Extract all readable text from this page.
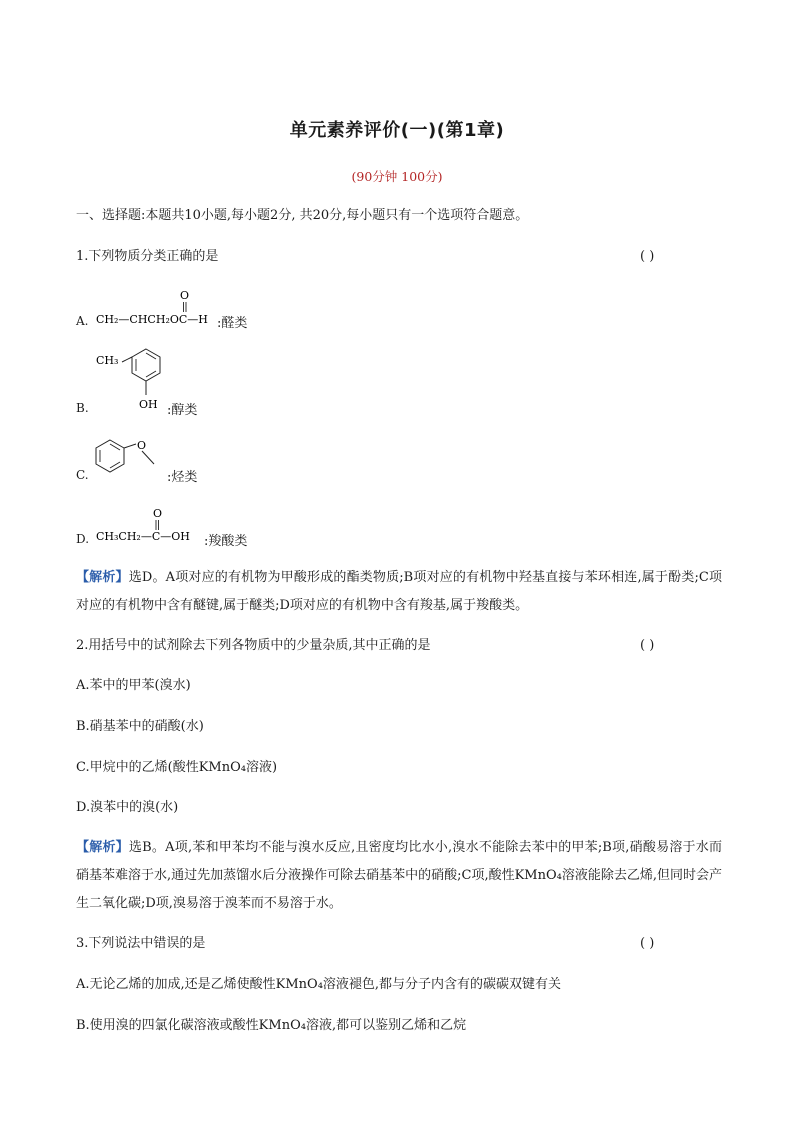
单元素养评价(一)(第1章)
(90分钟 100分)
一、选择题:本题共10小题,每小题2分, 共20分,每小题只有一个选项符合题意。
1.下列物质分类正确的是	( )
A.
O
CH₂—CHCH₂OC—H :醛类
B.
CH₃
OH :醇类
C.
O
:烃类
D.
O
CH₃CH₂—C—OH :羧酸类
【解析】选D。A项对应的有机物为甲酸形成的酯类物质;B项对应的有机物中羟基直接与苯环相连,属于酚类;C项对应的有机物中含有醚键,属于醚类;D项对应的有机物中含有羧基,属于羧酸类。
2.用括号中的试剂除去下列各物质中的少量杂质,其中正确的是	( )
A.苯中的甲苯(溴水)
B.硝基苯中的硝酸(水)
C.甲烷中的乙烯(酸性KMnO₄溶液)
D.溴苯中的溴(水)
【解析】选B。A项,苯和甲苯均不能与溴水反应,且密度均比水小,溴水不能除去苯中的甲苯;B项,硝酸易溶于水而硝基苯难溶于水,通过先加蒸馏水后分液操作可除去硝基苯中的硝酸;C项,酸性KMnO₄溶液能除去乙烯,但同时会产生二氧化碳;D项,溴易溶于溴苯而不易溶于水。
3.下列说法中错误的是	( )
A.无论乙烯的加成,还是乙烯使酸性KMnO₄溶液褪色,都与分子内含有的碳碳双键有关
B.使用溴的四氯化碳溶液或酸性KMnO₄溶液,都可以鉴别乙烯和乙烷
